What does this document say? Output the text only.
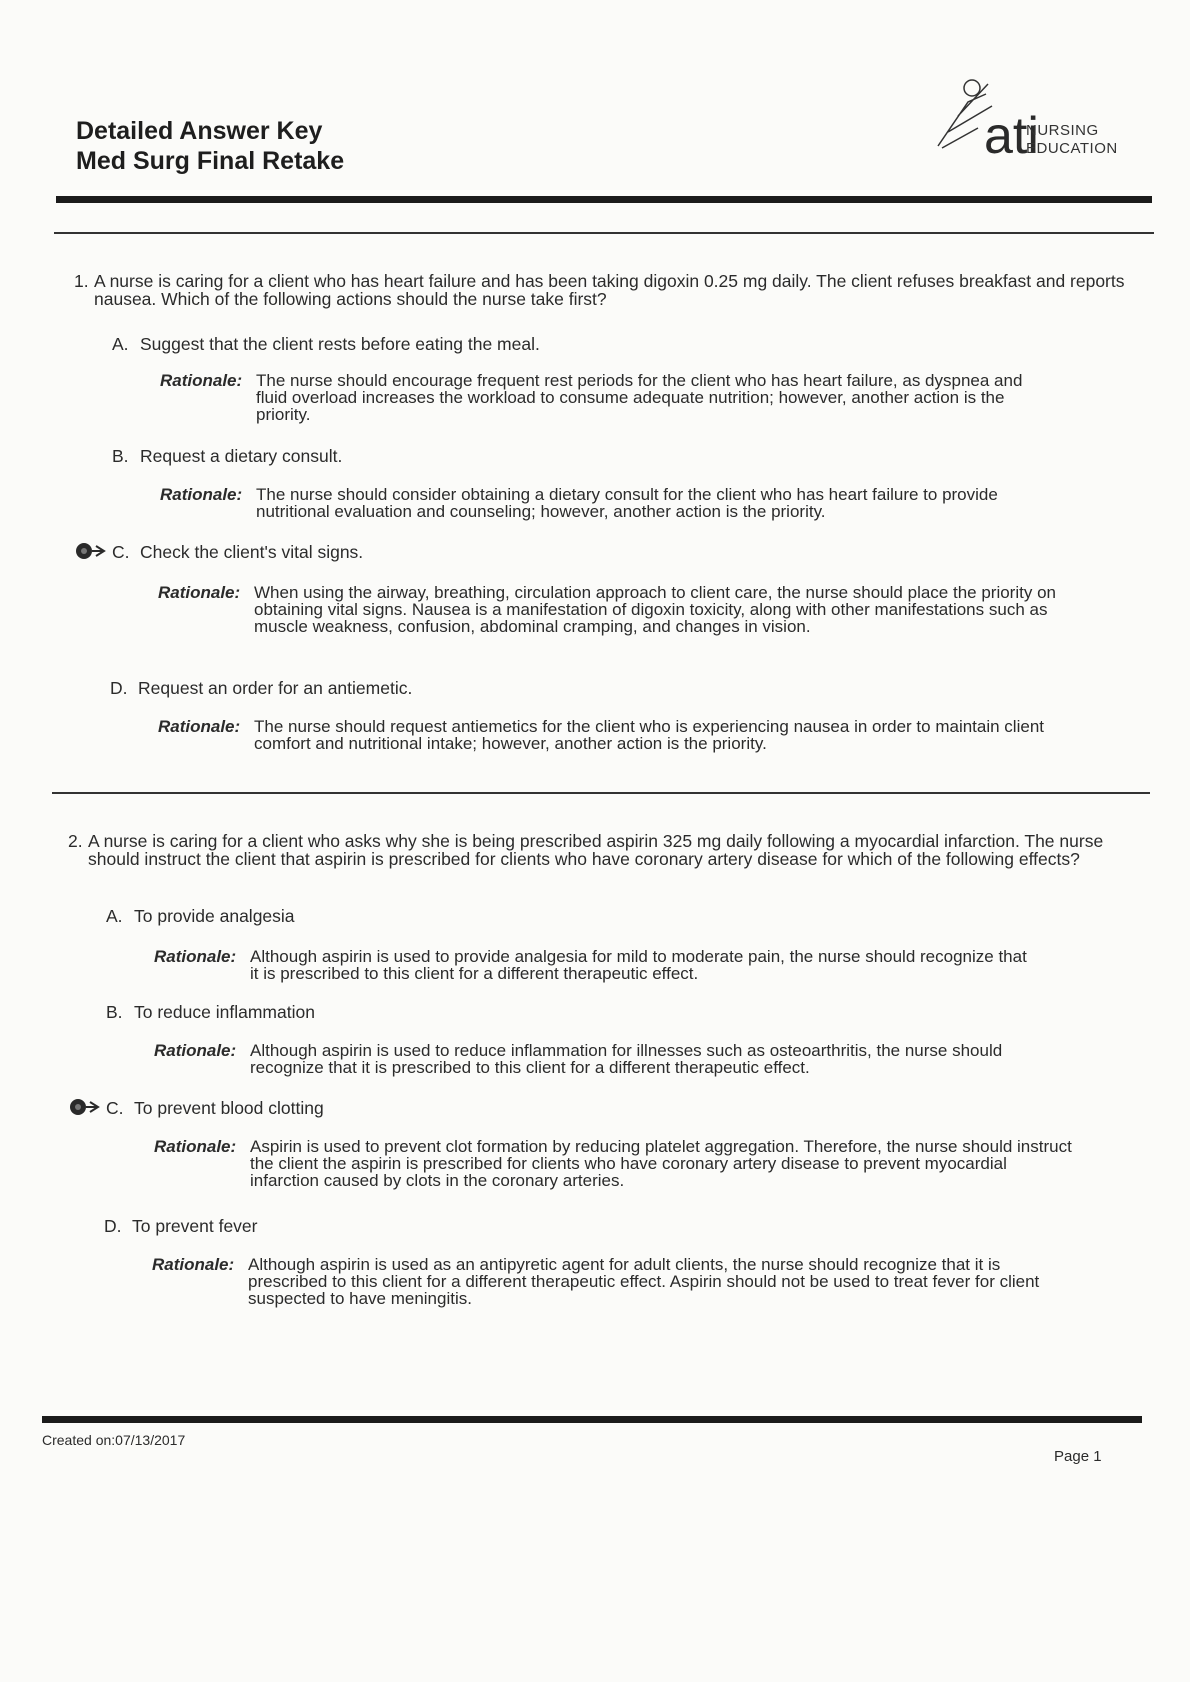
Detailed Answer Key
Med Surg Final Retake	ati
NURSING
EDUCATION
1. A nurse is caring for a client who has heart failure and has been taking digoxin 0.25 mg daily. The client refuses breakfast and reports nausea. Which of the following actions should the nurse take first?
A. Suggest that the client rests before eating the meal.
Rationale: The nurse should encourage frequent rest periods for the client who has heart failure, as dyspnea and fluid overload increases the workload to consume adequate nutrition; however, another action is the priority.
B. Request a dietary consult.
Rationale: The nurse should consider obtaining a dietary consult for the client who has heart failure to provide nutritional evaluation and counseling; however, another action is the priority.
C. Check the client's vital signs.
Rationale: When using the airway, breathing, circulation approach to client care, the nurse should place the priority on obtaining vital signs. Nausea is a manifestation of digoxin toxicity, along with other manifestations such as muscle weakness, confusion, abdominal cramping, and changes in vision.
D. Request an order for an antiemetic.
Rationale: The nurse should request antiemetics for the client who is experiencing nausea in order to maintain client comfort and nutritional intake; however, another action is the priority.
2. A nurse is caring for a client who asks why she is being prescribed aspirin 325 mg daily following a myocardial infarction. The nurse should instruct the client that aspirin is prescribed for clients who have coronary artery disease for which of the following effects?
A. To provide analgesia
Rationale: Although aspirin is used to provide analgesia for mild to moderate pain, the nurse should recognize that it is prescribed to this client for a different therapeutic effect.
B. To reduce inflammation
Rationale: Although aspirin is used to reduce inflammation for illnesses such as osteoarthritis, the nurse should recognize that it is prescribed to this client for a different therapeutic effect.
C. To prevent blood clotting
Rationale: Aspirin is used to prevent clot formation by reducing platelet aggregation. Therefore, the nurse should instruct the client the aspirin is prescribed for clients who have coronary artery disease to prevent myocardial infarction caused by clots in the coronary arteries.
D. To prevent fever
Rationale: Although aspirin is used as an antipyretic agent for adult clients, the nurse should recognize that it is prescribed to this client for a different therapeutic effect. Aspirin should not be used to treat fever for client suspected to have meningitis.
Created on:07/13/2017
Page 1
